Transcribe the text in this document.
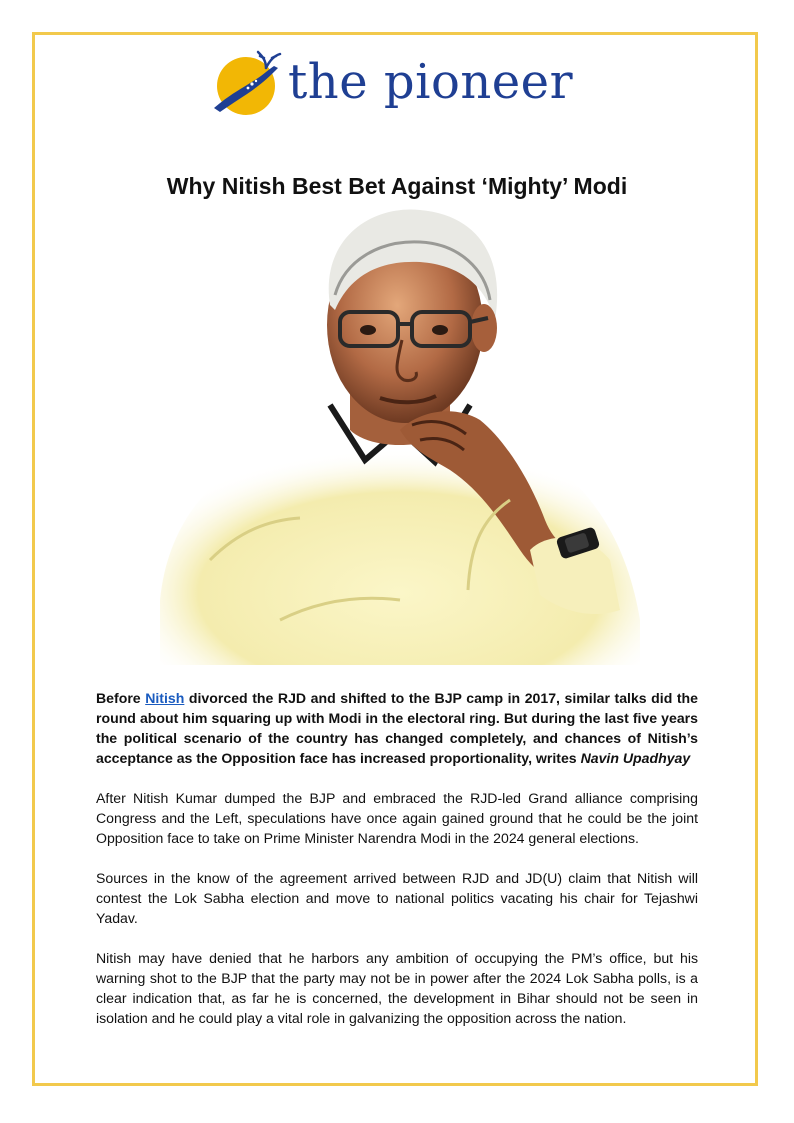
the pioneer
Why Nitish Best Bet Against ‘Mighty’ Modi

Before Nitish divorced the RJD and shifted to the BJP camp in 2017, similar talks did the round about him squaring up with Modi in the electoral ring. But during the last five years the political scenario of the country has changed completely, and chances of Nitish’s acceptance as the Opposition face has increased proportionality, writes Navin Upadhyay

After Nitish Kumar dumped the BJP and embraced the RJD-led Grand alliance comprising Congress and the Left, speculations have once again gained ground that he could be the joint Opposition face to take on Prime Minister Narendra Modi in the 2024 general elections.

Sources in the know of the agreement arrived between RJD and JD(U) claim that Nitish will contest the Lok Sabha election and move to national politics vacating his chair for Tejashwi Yadav.

Nitish may have denied that he harbors any ambition of occupying the PM’s office, but his warning shot to the BJP that the party may not be in power after the 2024 Lok Sabha polls, is a clear indication that, as far he is concerned, the development in Bihar should not be seen in isolation and he could play a vital role in galvanizing the opposition across the nation.
